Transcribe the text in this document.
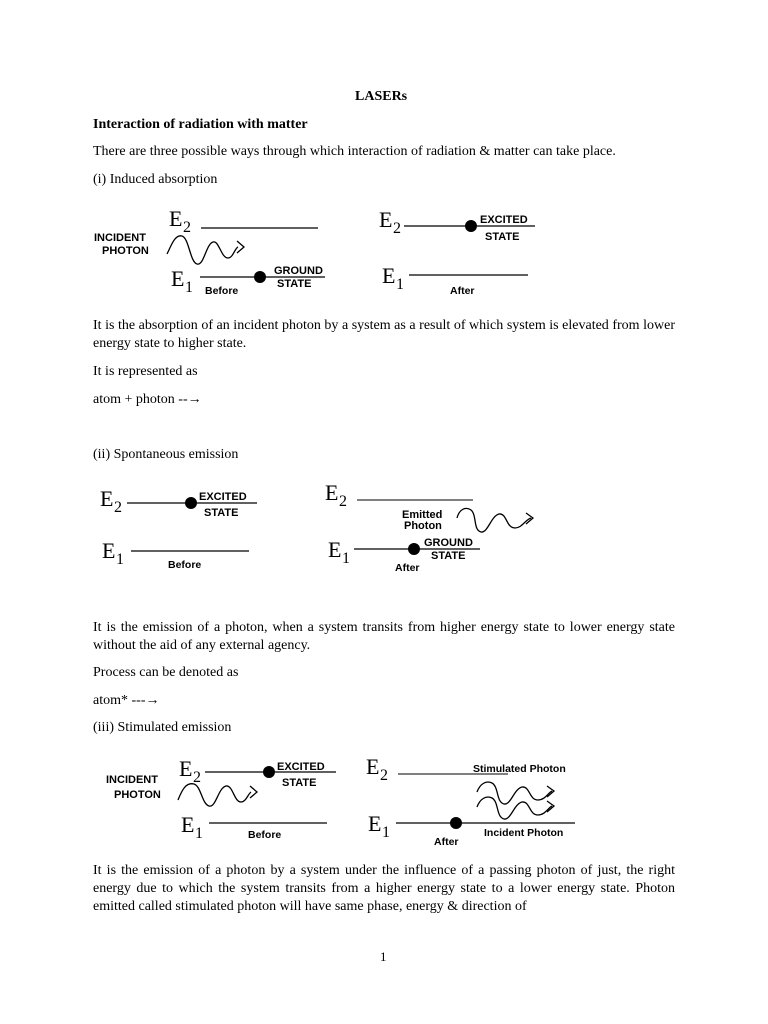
LASERs
Interaction of radiation with matter
There are three possible ways through which interaction of radiation & matter can take place.
(i) Induced absorption
INCIDENT
PHOTON
E 2
E 1
GROUND
STATE
Before
E 2	EXCITED
STATE
E 1	After
It is the absorption of an incident photon by a system as a result of which system is elevated from lower energy state to higher state.
It is represented as
atom + photon --→
(ii) Spontaneous emission
E 2
EXCITED
STATE
E 1	Before
E 2
Emitted
Photon
E 1
GROUND
STATE
After
It is the emission of a photon, when a system transits from higher energy state to lower energy state without the aid of any external agency.
Process can be denoted as
atom* ---→
(iii) Stimulated emission
INCIDENT
PHOTON
E 2
EXCITED
STATE
E 1	Before
E 2	Stimulated Photon
E 1	Incident Photon
After
It is the emission of a photon by a system under the influence of a passing photon of just, the right energy due to which the system transits from a higher energy state to a lower energy state. Photon emitted called stimulated photon will have same phase, energy & direction of
1
